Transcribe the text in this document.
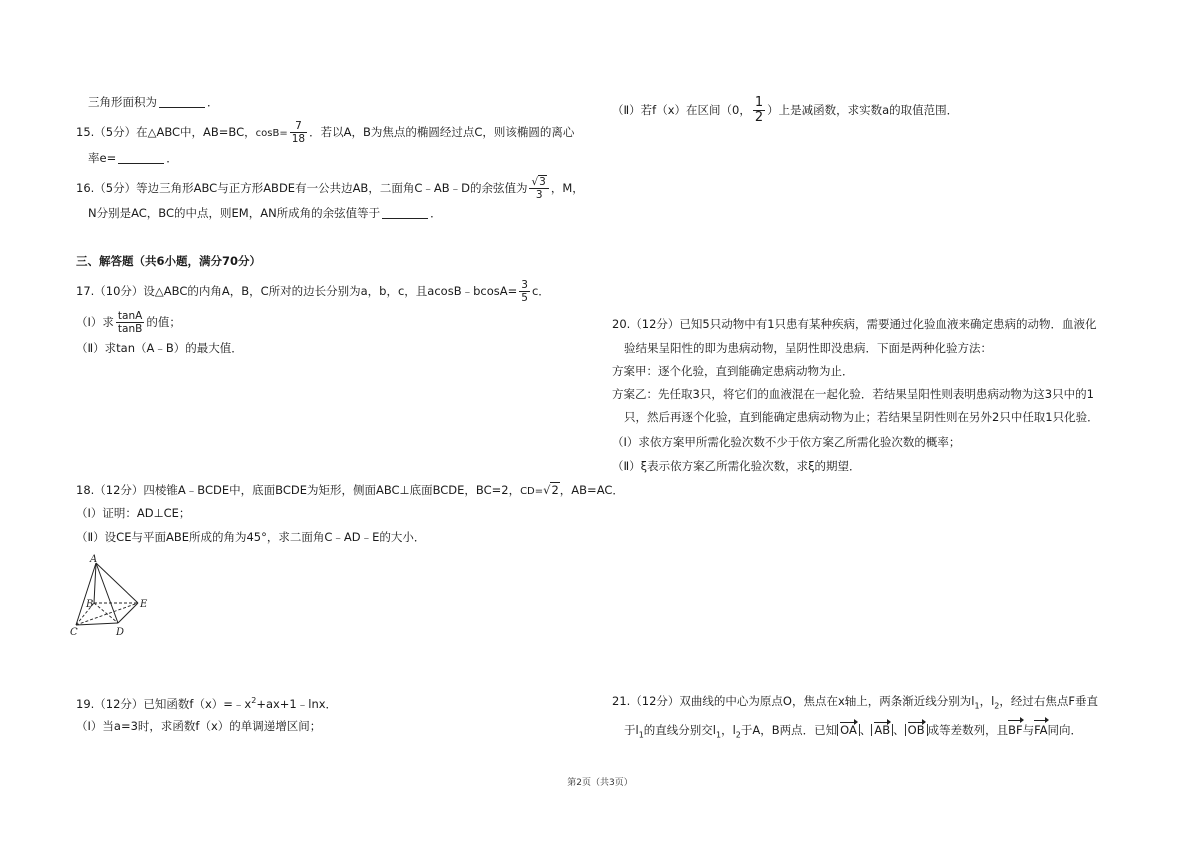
三角形面积为	．
15.（5分）在△ABC中，AB=BC，$\cos B= \frac{7}{18}$ ．若以A，B为焦点的椭圆经过点C，则该椭圆的离心
率e=	．
16.（5分）等边三角形ABC与正方形ABDE有一公共边AB，二面角C﹣AB﹣D的余弦值为 $\frac{√3}{3}$ ，M，
N分别是AC，BC的中点，则EM，AN所成角的余弦值等于	．
三、解答题（共6小题，满分70分）
17.（10分）设△ABC的内角A，B，C所对的边长分别为a，b，c，且acosB﹣bcosA= $\frac{3}{5}$ c．
（Ⅰ）求 $\frac{\tan A}{\tan B}$ 的值；
（Ⅱ）求tan（A﹣B）的最大值．
18.（12分）四棱锥A﹣BCDE中，底面BCDE为矩形，侧面ABC⊥底面BCDE，BC=2，CD=√2，AB=AC．
（Ⅰ）证明：AD⊥CE；
（Ⅱ）设CE与平面ABE所成的角为45°，求二面角C﹣AD﹣E的大小．
A
B
C	D
E
19.（12分）已知函数$f(x)=﹣x^2+ax+1﹣\ln x$．
（Ⅰ）当a=3时，求函数f（x）的单调递增区间；
（Ⅱ）若f（x）在区间（0， $\frac{1}{2}$ ）上是减函数，求实数a的取值范围．
20.（12分）已知5只动物中有1只患有某种疾病，需要通过化验血液来确定患病的动物．血液化
验结果呈阳性的即为患病动物，呈阴性即没患病．下面是两种化验方法：
方案甲：逐个化验，直到能确定患病动物为止．
方案乙：先任取3只，将它们的血液混在一起化验．若结果呈阳性则表明患病动物为这3只中的1
只，然后再逐个化验，直到能确定患病动物为止；若结果呈阴性则在另外2只中任取1只化验．
（Ⅰ）求依方案甲所需化验次数不少于依方案乙所需化验次数的概率；
（Ⅱ）ξ表示依方案乙所需化验次数，求ξ的期望．
21.（12分）双曲线的中心为原点O，焦点在x轴上，两条渐近线分别为$l_1$，$l_2$，经过右焦点F垂直
于$l_1$的直线分别交$l_1$，$l_2$于A，B两点．已知 OA 、 AB 、 OB 成等差数列，且BF与FA同向．
第2页（共3页）
